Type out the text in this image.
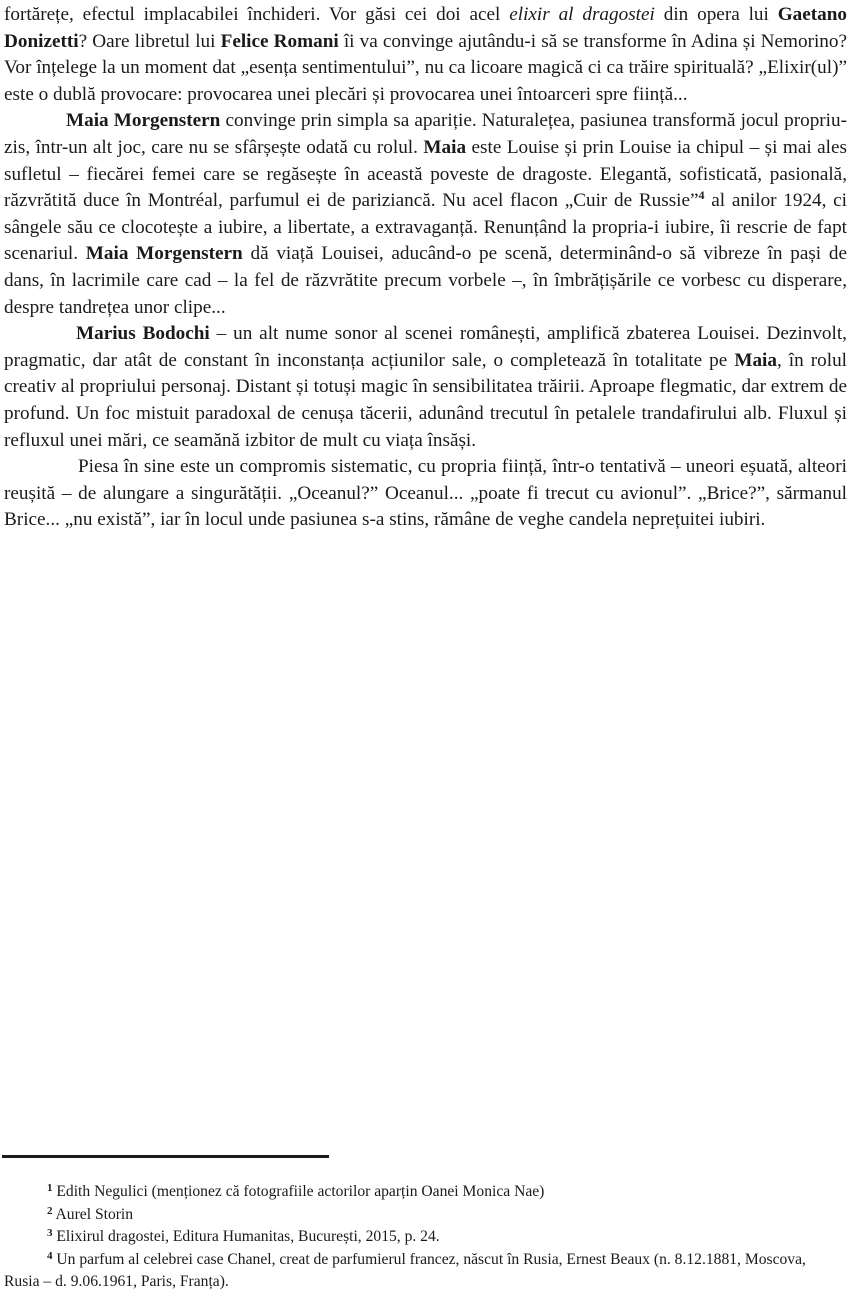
fortărețe, efectul implacabilei închideri. Vor găsi cei doi acel elixir al dragostei din opera lui Gaetano Donizetti? Oare libretul lui Felice Romani îi va convinge ajutându-i să se transforme în Adina și Nemorino? Vor înțelege la un moment dat „esența sentimentului”, nu ca licoare magică ci ca trăire spirituală? „Elixir(ul)” este o dublă provocare: provocarea unei plecări și provocarea unei întoarceri spre ființă...

Maia Morgenstern convinge prin simpla sa apariție. Naturalețea, pasiunea transformă jocul propriu-zis, într-un alt joc, care nu se sfârșește odată cu rolul. Maia este Louise și prin Louise ia chipul – și mai ales sufletul – fiecărei femei care se regăsește în această poveste de dragoste. Elegantă, sofisticată, pasională, răzvrătită duce în Montréal, parfumul ei de pariziancă. Nu acel flacon „Cuir de Russie”$^4$ al anilor 1924, ci sângele său ce clocotește a iubire, a libertate, a extravaganță. Renunțând la propria-i iubire, îi rescrie de fapt scenariul. Maia Morgenstern dă viață Louisei, aducând-o pe scenă, determinând-o să vibreze în pași de dans, în lacrimile care cad – la fel de răzvrătite precum vorbele –, în îmbrățișările ce vorbesc cu disperare, despre tandrețea unor clipe...

Marius Bodochi – un alt nume sonor al scenei românești, amplifică zbaterea Louisei. Dezinvolt, pragmatic, dar atât de constant în inconstanța acțiunilor sale, o completează în totalitate pe Maia, în rolul creativ al propriului personaj. Distant și totuși magic în sensibilitatea trăirii. Aproape flegmatic, dar extrem de profund. Un foc mistuit paradoxal de cenușa tăcerii, adunând trecutul în petalele trandafirului alb. Fluxul și refluxul unei mări, ce seamănă izbitor de mult cu viața însăși.

Piesa în sine este un compromis sistematic, cu propria ființă, într-o tentativă – uneori eșuată, alteori reușită – de alungare a singurătății. „Oceanul?” Oceanul... „poate fi trecut cu avionul”. „Brice?”, sărmanul Brice... „nu există”, iar în locul unde pasiunea s-a stins, rămâne de veghe candela neprețuitei iubiri.

$^1$ Edith Negulici (menționez că fotografiile actorilor aparțin Oanei Monica Nae)

$^2$ Aurel Storin

$^3$ Elixirul dragostei, Editura Humanitas, București, 2015, p. 24.

$^4$ Un parfum al celebrei case Chanel, creat de parfumierul francez, născut în Rusia, Ernest Beaux (n. 8.12.1881, Moscova, Rusia – d. 9.06.1961, Paris, Franța).
